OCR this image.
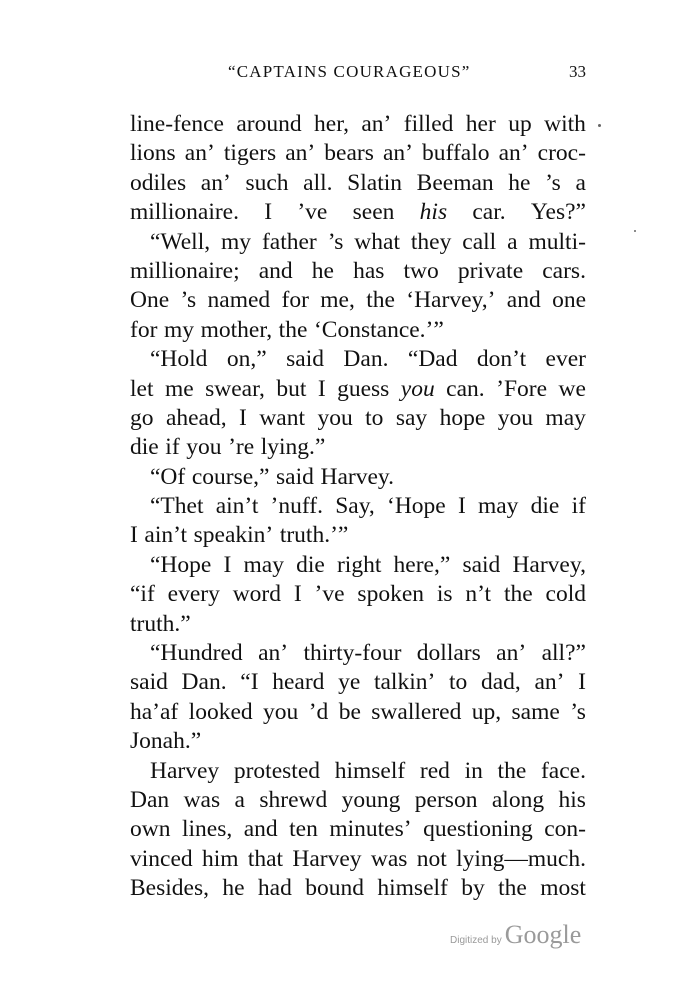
“CAPTAINS COURAGEOUS”	33
line-fence around her, an’ filled her up with
lions an’ tigers an’ bears an’ buffalo an’ croc-
odiles an’ such all. Slatin Beeman he ’s a
millionaire. I ’ve seen his car. Yes?”
“Well, my father ’s what they call a multi-
millionaire; and he has two private cars.
One ’s named for me, the ‘Harvey,’ and one
for my mother, the ‘Constance.’”
“Hold on,” said Dan. “Dad don’t ever
let me swear, but I guess you can. ’Fore we
go ahead, I want you to say hope you may
die if you ’re lying.”
“Of course,” said Harvey.
“Thet ain’t ’nuff. Say, ‘Hope I may die if
I ain’t speakin’ truth.’”
“Hope I may die right here,” said Harvey,
“if every word I ’ve spoken is n’t the cold
truth.”
“Hundred an’ thirty-four dollars an’ all?”
said Dan. “I heard ye talkin’ to dad, an’ I
ha’af looked you ’d be swallered up, same ’s
Jonah.”
Harvey protested himself red in the face.
Dan was a shrewd young person along his
own lines, and ten minutes’ questioning con-
vinced him that Harvey was not lying—much.
Besides, he had bound himself by the most
Digitized by Google
